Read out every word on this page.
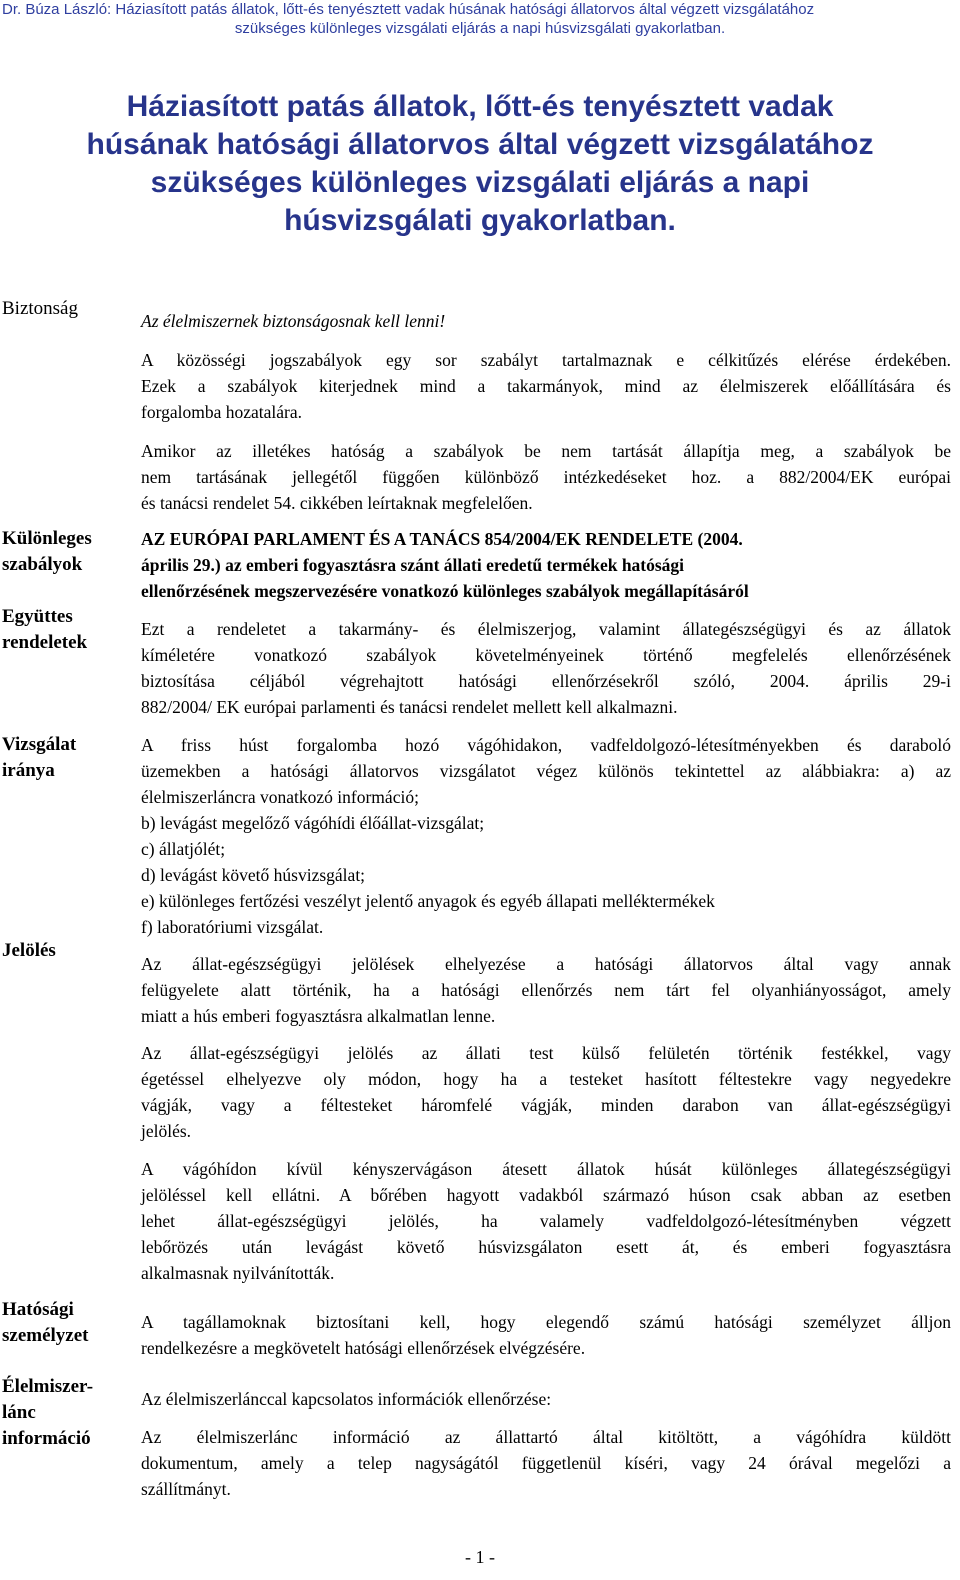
Dr. Búza László: Háziasított patás állatok, lőtt-és tenyésztett vadak húsának hatósági állatorvos által végzett vizsgálatához
szükséges különleges vizsgálati eljárás a napi húsvizsgálati gyakorlatban.
Háziasított patás állatok, lőtt-és tenyésztett vadak
húsának hatósági állatorvos által végzett vizsgálatához
szükséges különleges vizsgálati eljárás a napi
húsvizsgálati gyakorlatban.
Biztonság
Különleges
szabályok
Együttes
rendeletek
Vizsgálat
iránya
Jelölés
Hatósági
személyzet
Élelmiszer-
lánc
információ
Az élelmiszernek biztonságosnak kell lenni!
A közösségi jogszabályok egy sor szabályt tartalmaznak e célkitűzés elérése érdekében.
Ezek a szabályok kiterjednek mind a takarmányok, mind az élelmiszerek előállítására és
forgalomba hozatalára.
Amikor az illetékes hatóság a szabályok be nem tartását állapítja meg, a szabályok be
nem tartásának jellegétől függően különböző intézkedéseket hoz. a 882/2004/EK európai
és tanácsi rendelet 54. cikkében leírtaknak megfelelően.
AZ EURÓPAI PARLAMENT ÉS A TANÁCS 854/2004/EK RENDELETE (2004.
április 29.) az emberi fogyasztásra szánt állati eredetű termékek hatósági
ellenőrzésének megszervezésére vonatkozó különleges szabályok megállapításáról
Ezt a rendeletet a takarmány- és élelmiszerjog, valamint állategészségügyi és az állatok
kíméletére vonatkozó szabályok követelményeinek történő megfelelés ellenőrzésének
biztosítása céljából végrehajtott hatósági ellenőrzésekről szóló, 2004. április 29-i
882/2004/ EK európai parlamenti és tanácsi rendelet mellett kell alkalmazni.
A friss húst forgalomba hozó vágóhidakon, vadfeldolgozó-létesítményekben és daraboló
üzemekben a hatósági állatorvos vizsgálatot végez különös tekintettel az alábbiakra: a) az
élelmiszerláncra vonatkozó információ;
b) levágást megelőző vágóhídi élőállat-vizsgálat;
c) állatjólét;
d) levágást követő húsvizsgálat;
e) különleges fertőzési veszélyt jelentő anyagok és egyéb állapati melléktermékek
f) laboratóriumi vizsgálat.
Az állat-egészségügyi jelölések elhelyezése a hatósági állatorvos által vagy annak
felügyelete alatt történik, ha a hatósági ellenőrzés nem tárt fel olyanhiányosságot, amely
miatt a hús emberi fogyasztásra alkalmatlan lenne.
Az állat-egészségügyi jelölés az állati test külső felületén történik festékkel, vagy
égetéssel elhelyezve oly módon, hogy ha a testeket hasított féltestekre vagy negyedekre
vágják, vagy a féltesteket háromfelé vágják, minden darabon van állat-egészségügyi
jelölés.
A vágóhídon kívül kényszervágáson átesett állatok húsát különleges állategészségügyi
jelöléssel kell ellátni. A bőrében hagyott vadakból származó húson csak abban az esetben
lehet állat-egészségügyi jelölés, ha valamely vadfeldolgozó-létesítményben végzett
lebőrözés után levágást követő húsvizsgálaton esett át, és emberi fogyasztásra
alkalmasnak nyilvánították.
A tagállamoknak biztosítani kell, hogy elegendő számú hatósági személyzet álljon
rendelkezésre a megkövetelt hatósági ellenőrzések elvégzésére.
Az élelmiszerlánccal kapcsolatos információk ellenőrzése:
Az élelmiszerlánc információ az állattartó által kitöltött, a vágóhídra küldött
dokumentum, amely a telep nagyságától függetlenül kíséri, vagy 24 órával megelőzi a
szállítmányt.
- 1 -
